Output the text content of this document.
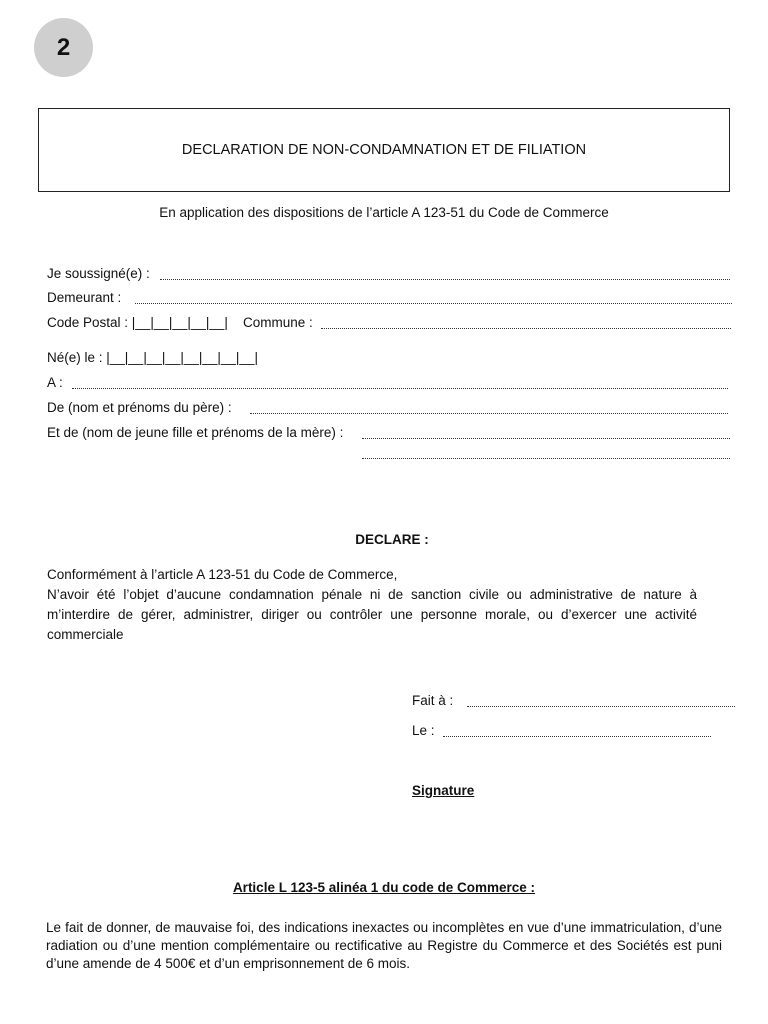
2
DECLARATION DE NON-CONDAMNATION ET DE FILIATION
En application des dispositions de l’article A 123-51 du Code de Commerce
Je soussigné(e) :
Demeurant :
Code Postal : |__|__|__|__|__| Commune :
Né(e) le : |__|__|__|__|__|__|__|__|
A :
De (nom et prénoms du père) :
Et de (nom de jeune fille et prénoms de la mère) :
DECLARE :
Conformément à l’article A 123-51 du Code de Commerce,
N’avoir été l’objet d’aucune condamnation pénale ni de sanction civile ou administrative de nature à m’interdire de gérer, administrer, diriger ou contrôler une personne morale, ou d’exercer une activité commerciale
Fait à :
Le :
Signature
Article L 123-5 alinéa 1 du code de Commerce :
Le fait de donner, de mauvaise foi, des indications inexactes ou incomplètes en vue d’une immatriculation, d’une radiation ou d’une mention complémentaire ou rectificative au Registre du Commerce et des Sociétés est puni d’une amende de 4 500€ et d’un emprisonnement de 6 mois.
